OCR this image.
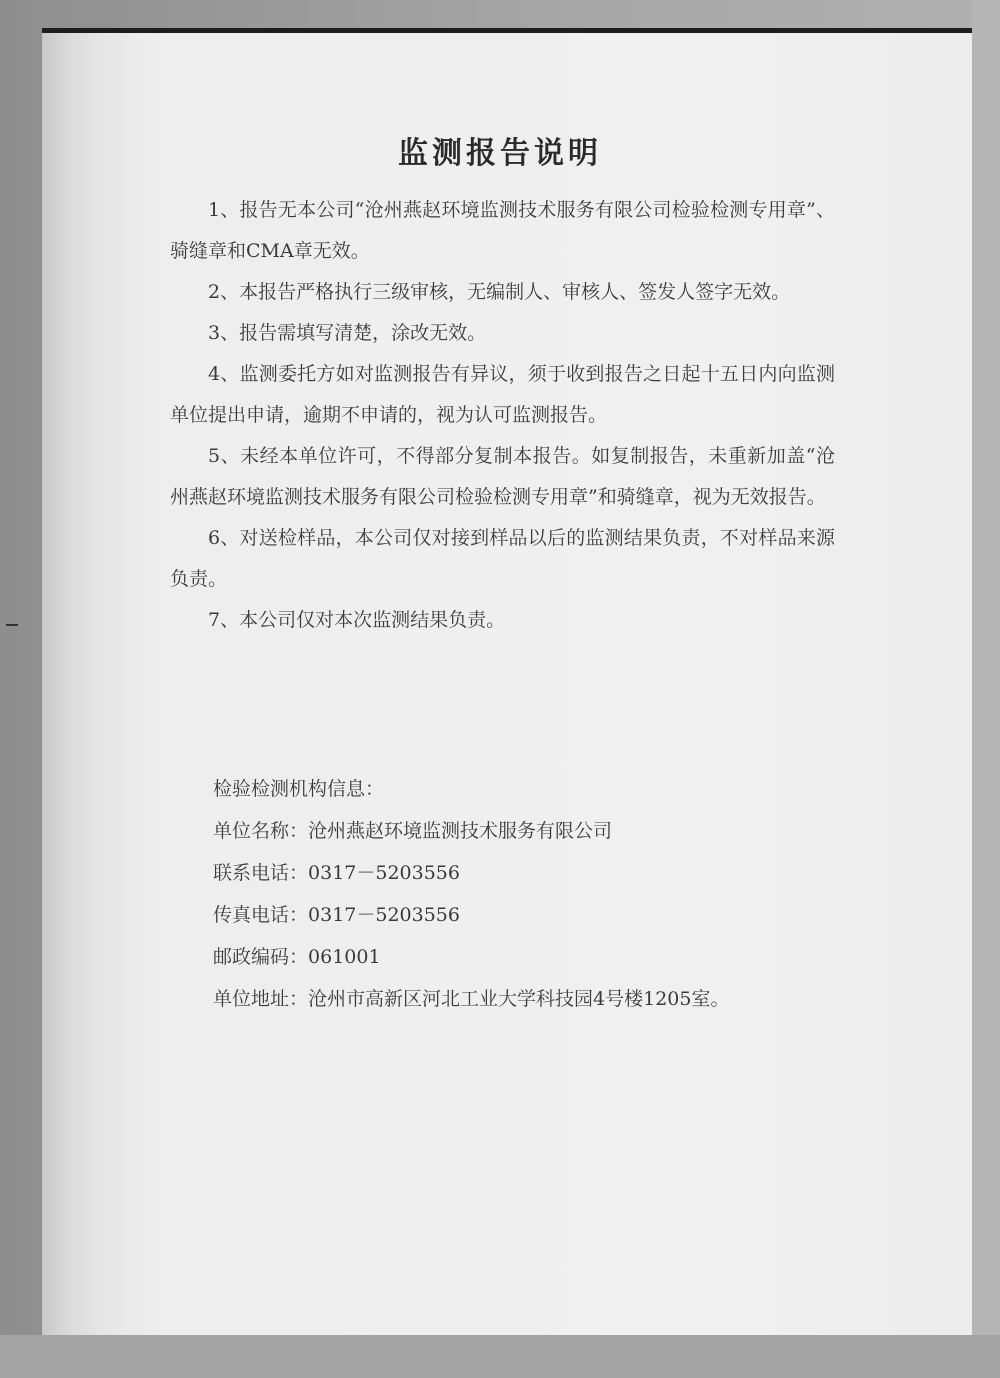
监测报告说明

1、报告无本公司“沧州燕赵环境监测技术服务有限公司检验检测专用章”、骑缝章和CMA章无效。

2、本报告严格执行三级审核，无编制人、审核人、签发人签字无效。

3、报告需填写清楚，涂改无效。

4、监测委托方如对监测报告有异议，须于收到报告之日起十五日内向监测单位提出申请，逾期不申请的，视为认可监测报告。

5、未经本单位许可，不得部分复制本报告。如复制报告，未重新加盖“沧州燕赵环境监测技术服务有限公司检验检测专用章”和骑缝章，视为无效报告。

6、对送检样品，本公司仅对接到样品以后的监测结果负责，不对样品来源负责。

7、本公司仅对本次监测结果负责。

检验检测机构信息：

单位名称：沧州燕赵环境监测技术服务有限公司

联系电话：0317－5203556

传真电话：0317－5203556

邮政编码：061001

单位地址：沧州市高新区河北工业大学科技园4号楼1205室。
